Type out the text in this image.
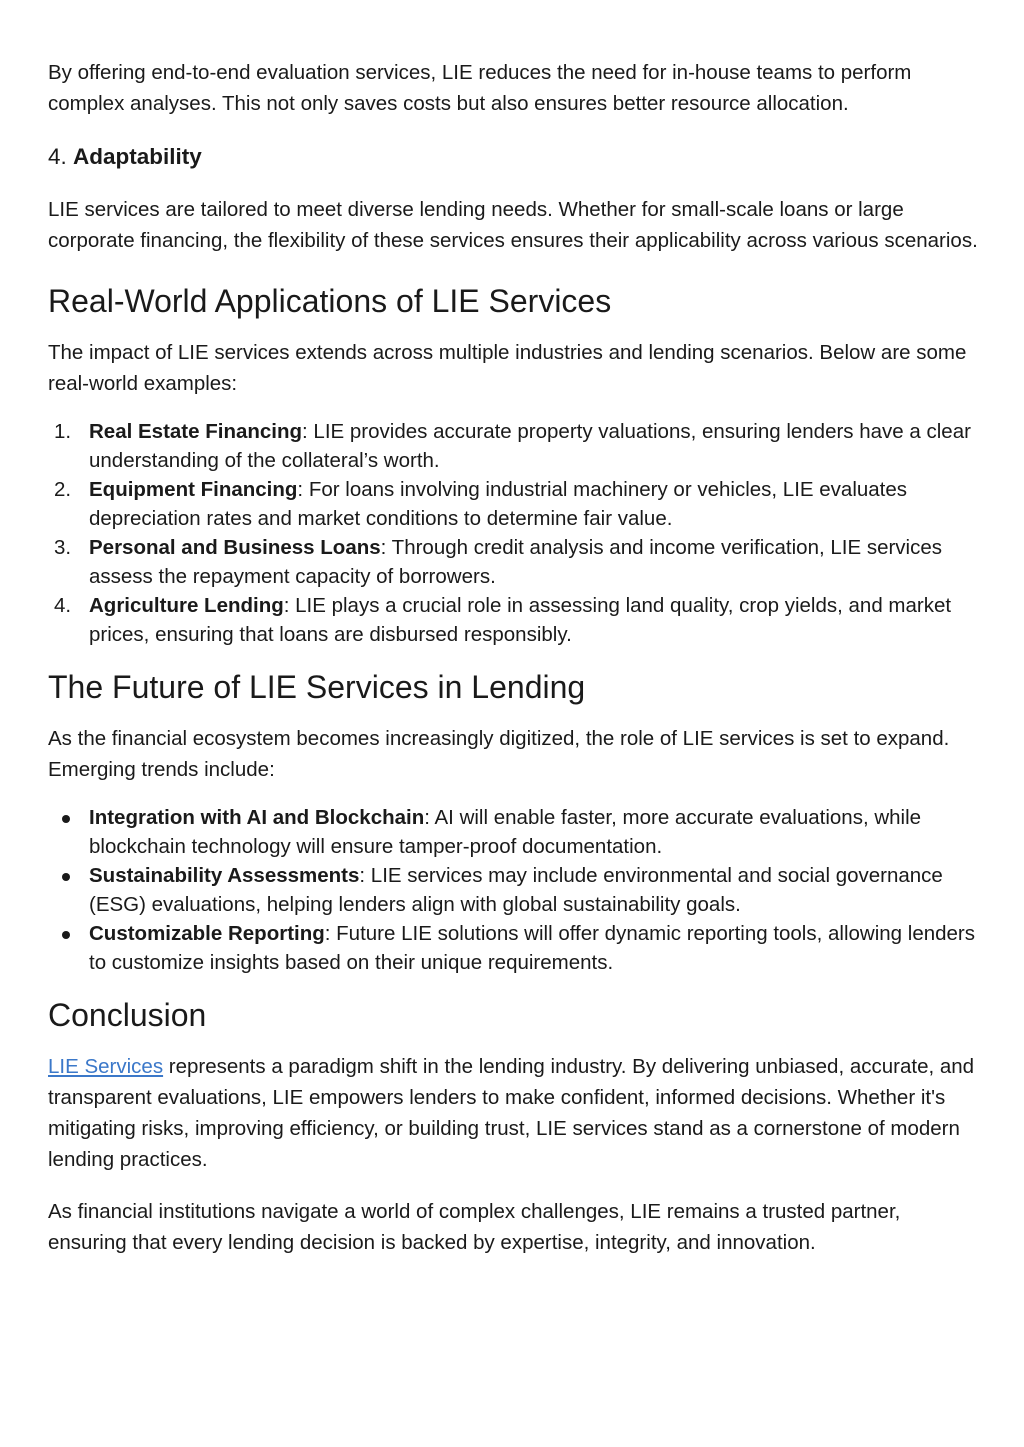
By offering end-to-end evaluation services, LIE reduces the need for in-house teams to perform complex analyses. This not only saves costs but also ensures better resource allocation.

4. Adaptability

LIE services are tailored to meet diverse lending needs. Whether for small-scale loans or large corporate financing, the flexibility of these services ensures their applicability across various scenarios.

Real-World Applications of LIE Services

The impact of LIE services extends across multiple industries and lending scenarios. Below are some real-world examples:

1. Real Estate Financing: LIE provides accurate property valuations, ensuring lenders have a clear understanding of the collateral’s worth.
2. Equipment Financing: For loans involving industrial machinery or vehicles, LIE evaluates depreciation rates and market conditions to determine fair value.
3. Personal and Business Loans: Through credit analysis and income verification, LIE services assess the repayment capacity of borrowers.
4. Agriculture Lending: LIE plays a crucial role in assessing land quality, crop yields, and market prices, ensuring that loans are disbursed responsibly.
The Future of LIE Services in Lending

As the financial ecosystem becomes increasingly digitized, the role of LIE services is set to expand. Emerging trends include:

Integration with AI and Blockchain: AI will enable faster, more accurate evaluations, while blockchain technology will ensure tamper-proof documentation.
Sustainability Assessments: LIE services may include environmental and social governance (ESG) evaluations, helping lenders align with global sustainability goals.
Customizable Reporting: Future LIE solutions will offer dynamic reporting tools, allowing lenders to customize insights based on their unique requirements.
Conclusion

LIE Services represents a paradigm shift in the lending industry. By delivering unbiased, accurate, and transparent evaluations, LIE empowers lenders to make confident, informed decisions. Whether it's mitigating risks, improving efficiency, or building trust, LIE services stand as a cornerstone of modern lending practices.

As financial institutions navigate a world of complex challenges, LIE remains a trusted partner, ensuring that every lending decision is backed by expertise, integrity, and innovation.
